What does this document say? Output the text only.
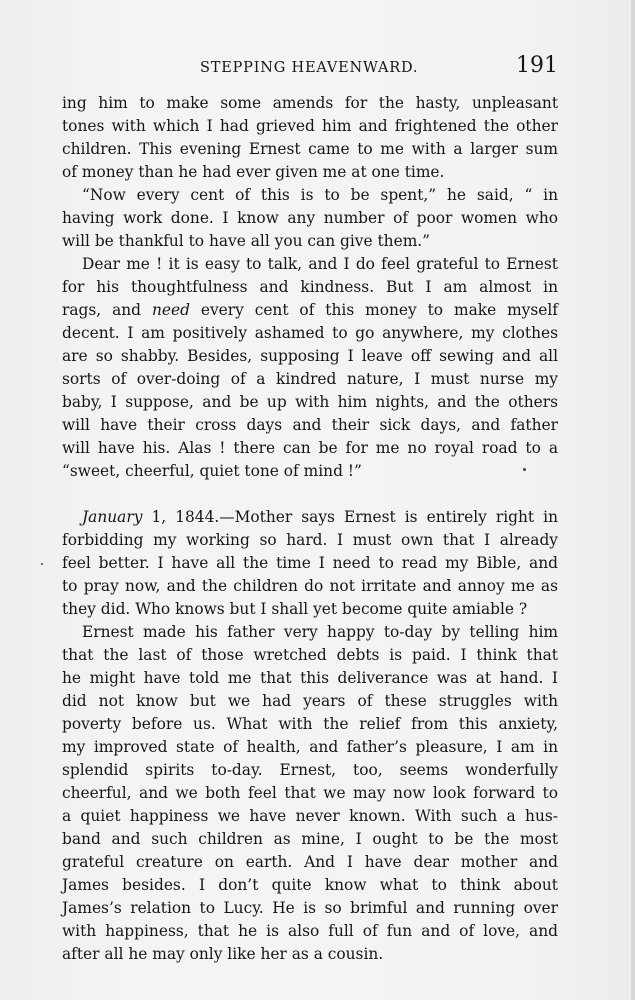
STEPPING HEAVENWARD.	191
ing him to make some amends for the hasty, unpleasant
tones with which I had grieved him and frightened the other
children. This evening Ernest came to me with a larger sum
of money than he had ever given me at one time.
“Now every cent of this is to be spent,” he said, “ in
having work done. I know any number of poor women who
will be thankful to have all you can give them.”
Dear me ! it is easy to talk, and I do feel grateful to Ernest
for his thoughtfulness and kindness. But I am almost in
rags, and need every cent of this money to make myself
decent. I am positively ashamed to go anywhere, my clothes
are so shabby. Besides, supposing I leave off sewing and all
sorts of over-doing of a kindred nature, I must nurse my
baby, I suppose, and be up with him nights, and the others
will have their cross days and their sick days, and father
will have his. Alas ! there can be for me no royal road to a
“sweet, cheerful, quiet tone of mind !”
January 1, 1844.—Mother says Ernest is entirely right in
forbidding my working so hard. I must own that I already
feel better. I have all the time I need to read my Bible, and
to pray now, and the children do not irritate and annoy me as
they did. Who knows but I shall yet become quite amiable ?
Ernest made his father very happy to-day by telling him
that the last of those wretched debts is paid. I think that
he might have told me that this deliverance was at hand. I
did not know but we had years of these struggles with
poverty before us. What with the relief from this anxiety,
my improved state of health, and father’s pleasure, I am in
splendid spirits to-day. Ernest, too, seems wonderfully
cheerful, and we both feel that we may now look forward to
a quiet happiness we have never known. With such a hus-
band and such children as mine, I ought to be the most
grateful creature on earth. And I have dear mother and
James besides. I don’t quite know what to think about
James’s relation to Lucy. He is so brimful and running over
with happiness, that he is also full of fun and of love, and
after all he may only like her as a cousin.
